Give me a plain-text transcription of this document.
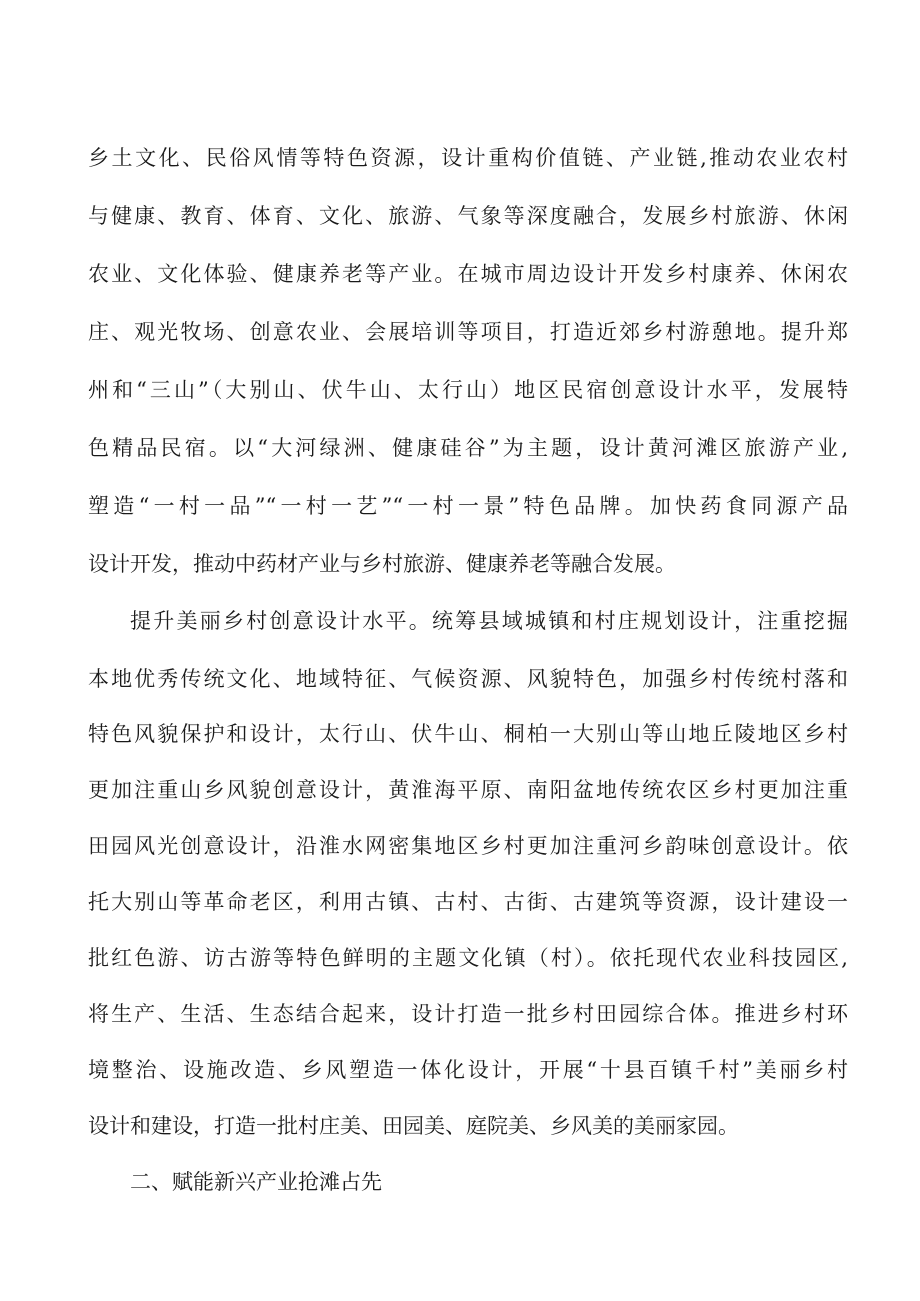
乡土文化、民俗风情等特色资源，设计重构价值链、产业链,推动农业农村

与健康、教育、体育、文化、旅游、气象等深度融合，发展乡村旅游、休闲

农业、文化体验、健康养老等产业。在城市周边设计开发乡村康养、休闲农

庄、观光牧场、创意农业、会展培训等项目，打造近郊乡村游憩地。提升郑

州和“三山”（大别山、伏牛山、太行山）地区民宿创意设计水平，发展特

色精品民宿。以“大河绿洲、健康硅谷”为主题，设计黄河滩区旅游产业,

塑造“一村一品”“一村一艺”“一村一景”特色品牌。加快药食同源产品

设计开发，推动中药材产业与乡村旅游、健康养老等融合发展。

提升美丽乡村创意设计水平。统筹县域城镇和村庄规划设计，注重挖掘

本地优秀传统文化、地域特征、气候资源、风貌特色，加强乡村传统村落和

特色风貌保护和设计，太行山、伏牛山、桐柏一大别山等山地丘陵地区乡村

更加注重山乡风貌创意设计，黄淮海平原、南阳盆地传统农区乡村更加注重

田园风光创意设计，沿淮水网密集地区乡村更加注重河乡韵味创意设计。依

托大别山等革命老区，利用古镇、古村、古街、古建筑等资源，设计建设一

批红色游、访古游等特色鲜明的主题文化镇（村）。依托现代农业科技园区,

将生产、生活、生态结合起来，设计打造一批乡村田园综合体。推进乡村环

境整治、设施改造、乡风塑造一体化设计，开展“十县百镇千村”美丽乡村

设计和建设，打造一批村庄美、田园美、庭院美、乡风美的美丽家园。

二、赋能新兴产业抢滩占先
